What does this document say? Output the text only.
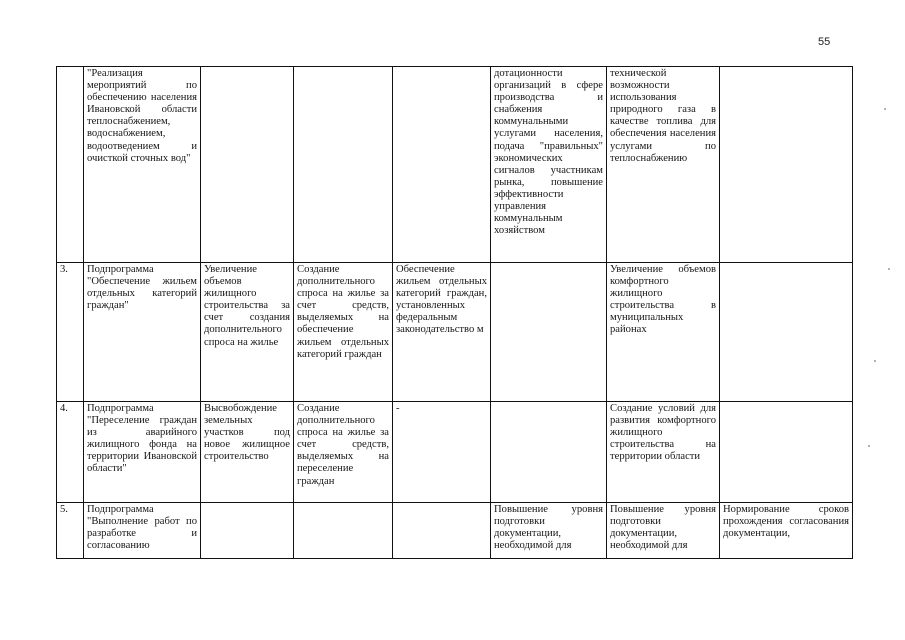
55
	"Реализация мероприятий по обеспечению населения Ивановской области теплоснабжением, водоснабжением, водоотведением и очисткой сточных вод"				дотационности организаций в сфере производства и снабжения коммунальными услугами населения, подача "правильных" экономических сигналов участникам рынка, повышение эффективности управления коммунальным хозяйством	технической возможности использования природного газа в качестве топлива для обеспечения населения услугами по теплоснабжению	
3.	Подпрограмма "Обеспечение жильем отдельных категорий граждан"	Увеличение объемов жилищного строительства за счет создания дополнительного спроса на жилье	Создание дополнительного спроса на жилье за счет средств, выделяемых на обеспечение жильем отдельных категорий граждан	Обеспечение жильем отдельных категорий граждан, установленных федеральным законодательство м		Увеличение объемов комфортного жилищного строительства в муниципальных районах	
4.	Подпрограмма "Переселение граждан из аварийного жилищного фонда на территории Ивановской области"	Высвобождение земельных участков под новое жилищное строительство	Создание дополнительного спроса на жилье за счет средств, выделяемых на переселение граждан	-		Создание условий для развития комфортного жилищного строительства на территории области	
5.	Подпрограмма "Выполнение работ по разработке и согласованию				Повышение уровня подготовки документации, необходимой для	Повышение уровня подготовки документации, необходимой для	Нормирование сроков прохождения согласования документации,
